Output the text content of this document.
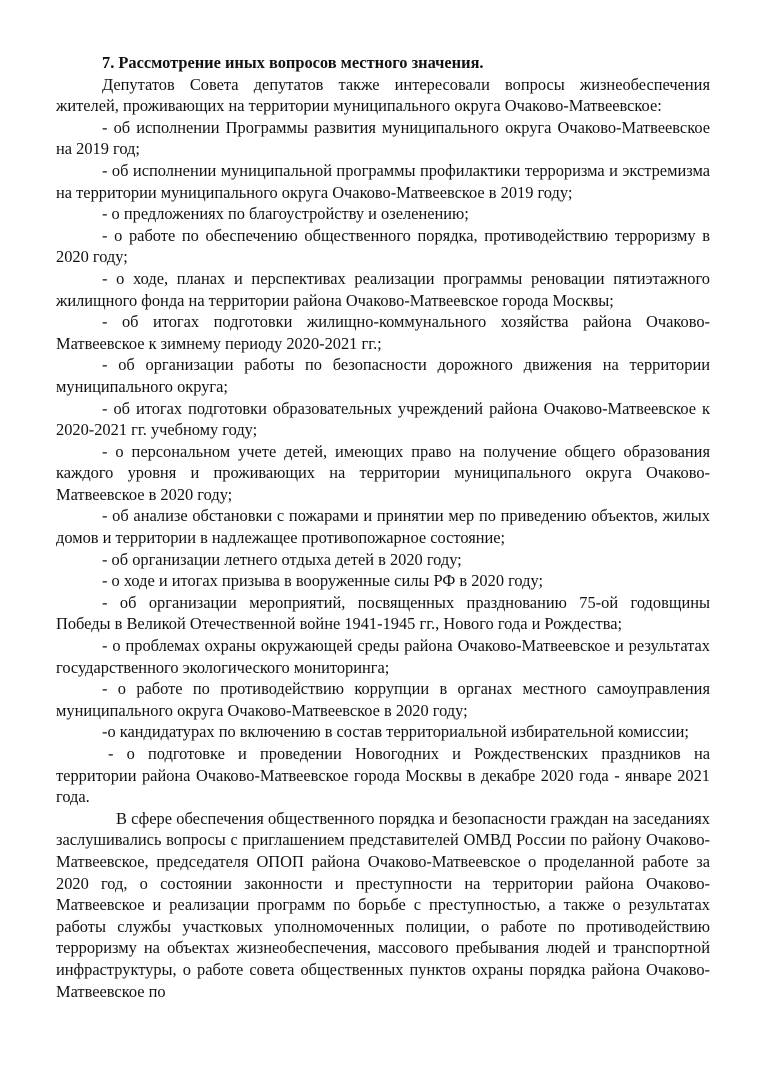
7. Рассмотрение иных вопросов местного значения.

Депутатов Совета депутатов также интересовали вопросы жизнеобеспечения жителей, проживающих на территории муниципального округа Очаково-Матвеевское:

- об исполнении Программы развития муниципального округа Очаково-Матвеевское на 2019 год;

- об исполнении муниципальной программы профилактики терроризма и экстремизма на территории муниципального округа Очаково-Матвеевское в 2019 году;

- о предложениях по благоустройству и озеленению;

- о работе по обеспечению общественного порядка, противодействию терроризму в 2020 году;

- о ходе, планах и перспективах реализации программы реновации пятиэтажного жилищного фонда на территории района Очаково-Матвеевское города Москвы;

- об итогах подготовки жилищно-коммунального хозяйства района Очаково-Матвеевское к зимнему периоду 2020-2021 гг.;

- об организации работы по безопасности дорожного движения на территории муниципального округа;

- об итогах подготовки образовательных учреждений района Очаково-Матвеевское к 2020-2021 гг. учебному году;

- о персональном учете детей, имеющих право на получение общего образования каждого уровня и проживающих на территории муниципального округа Очаково-Матвеевское в 2020 году;

- об анализе обстановки с пожарами и принятии мер по приведению объектов, жилых домов и территории в надлежащее противопожарное состояние;

- об организации летнего отдыха детей в 2020 году;

- о ходе и итогах призыва в вооруженные силы РФ в 2020 году;

- об организации мероприятий, посвященных празднованию 75-ой годовщины Победы в Великой Отечественной войне 1941-1945 гг., Нового года и Рождества;

- о проблемах охраны окружающей среды района Очаково-Матвеевское и результатах государственного экологического мониторинга;

- о работе по противодействию коррупции в органах местного самоуправления муниципального округа Очаково-Матвеевское в 2020 году;

-о кандидатурах по включению в состав территориальной избирательной комиссии;

- о подготовке и проведении Новогодних и Рождественских праздников на территории района Очаково-Матвеевское города Москвы в декабре 2020 года - январе 2021 года.

В сфере обеспечения общественного порядка и безопасности граждан на заседаниях заслушивались вопросы с приглашением представителей ОМВД России по району Очаково-Матвеевское, председателя ОПОП района Очаково-Матвеевское о проделанной работе за 2020 год, о состоянии законности и преступности на территории района Очаково-Матвеевское и реализации программ по борьбе с преступностью, а также о результатах работы службы участковых уполномоченных полиции, о работе по противодействию терроризму на объектах жизнеобеспечения, массового пребывания людей и транспортной инфраструктуры, о работе совета общественных пунктов охраны порядка района Очаково-Матвеевское по
